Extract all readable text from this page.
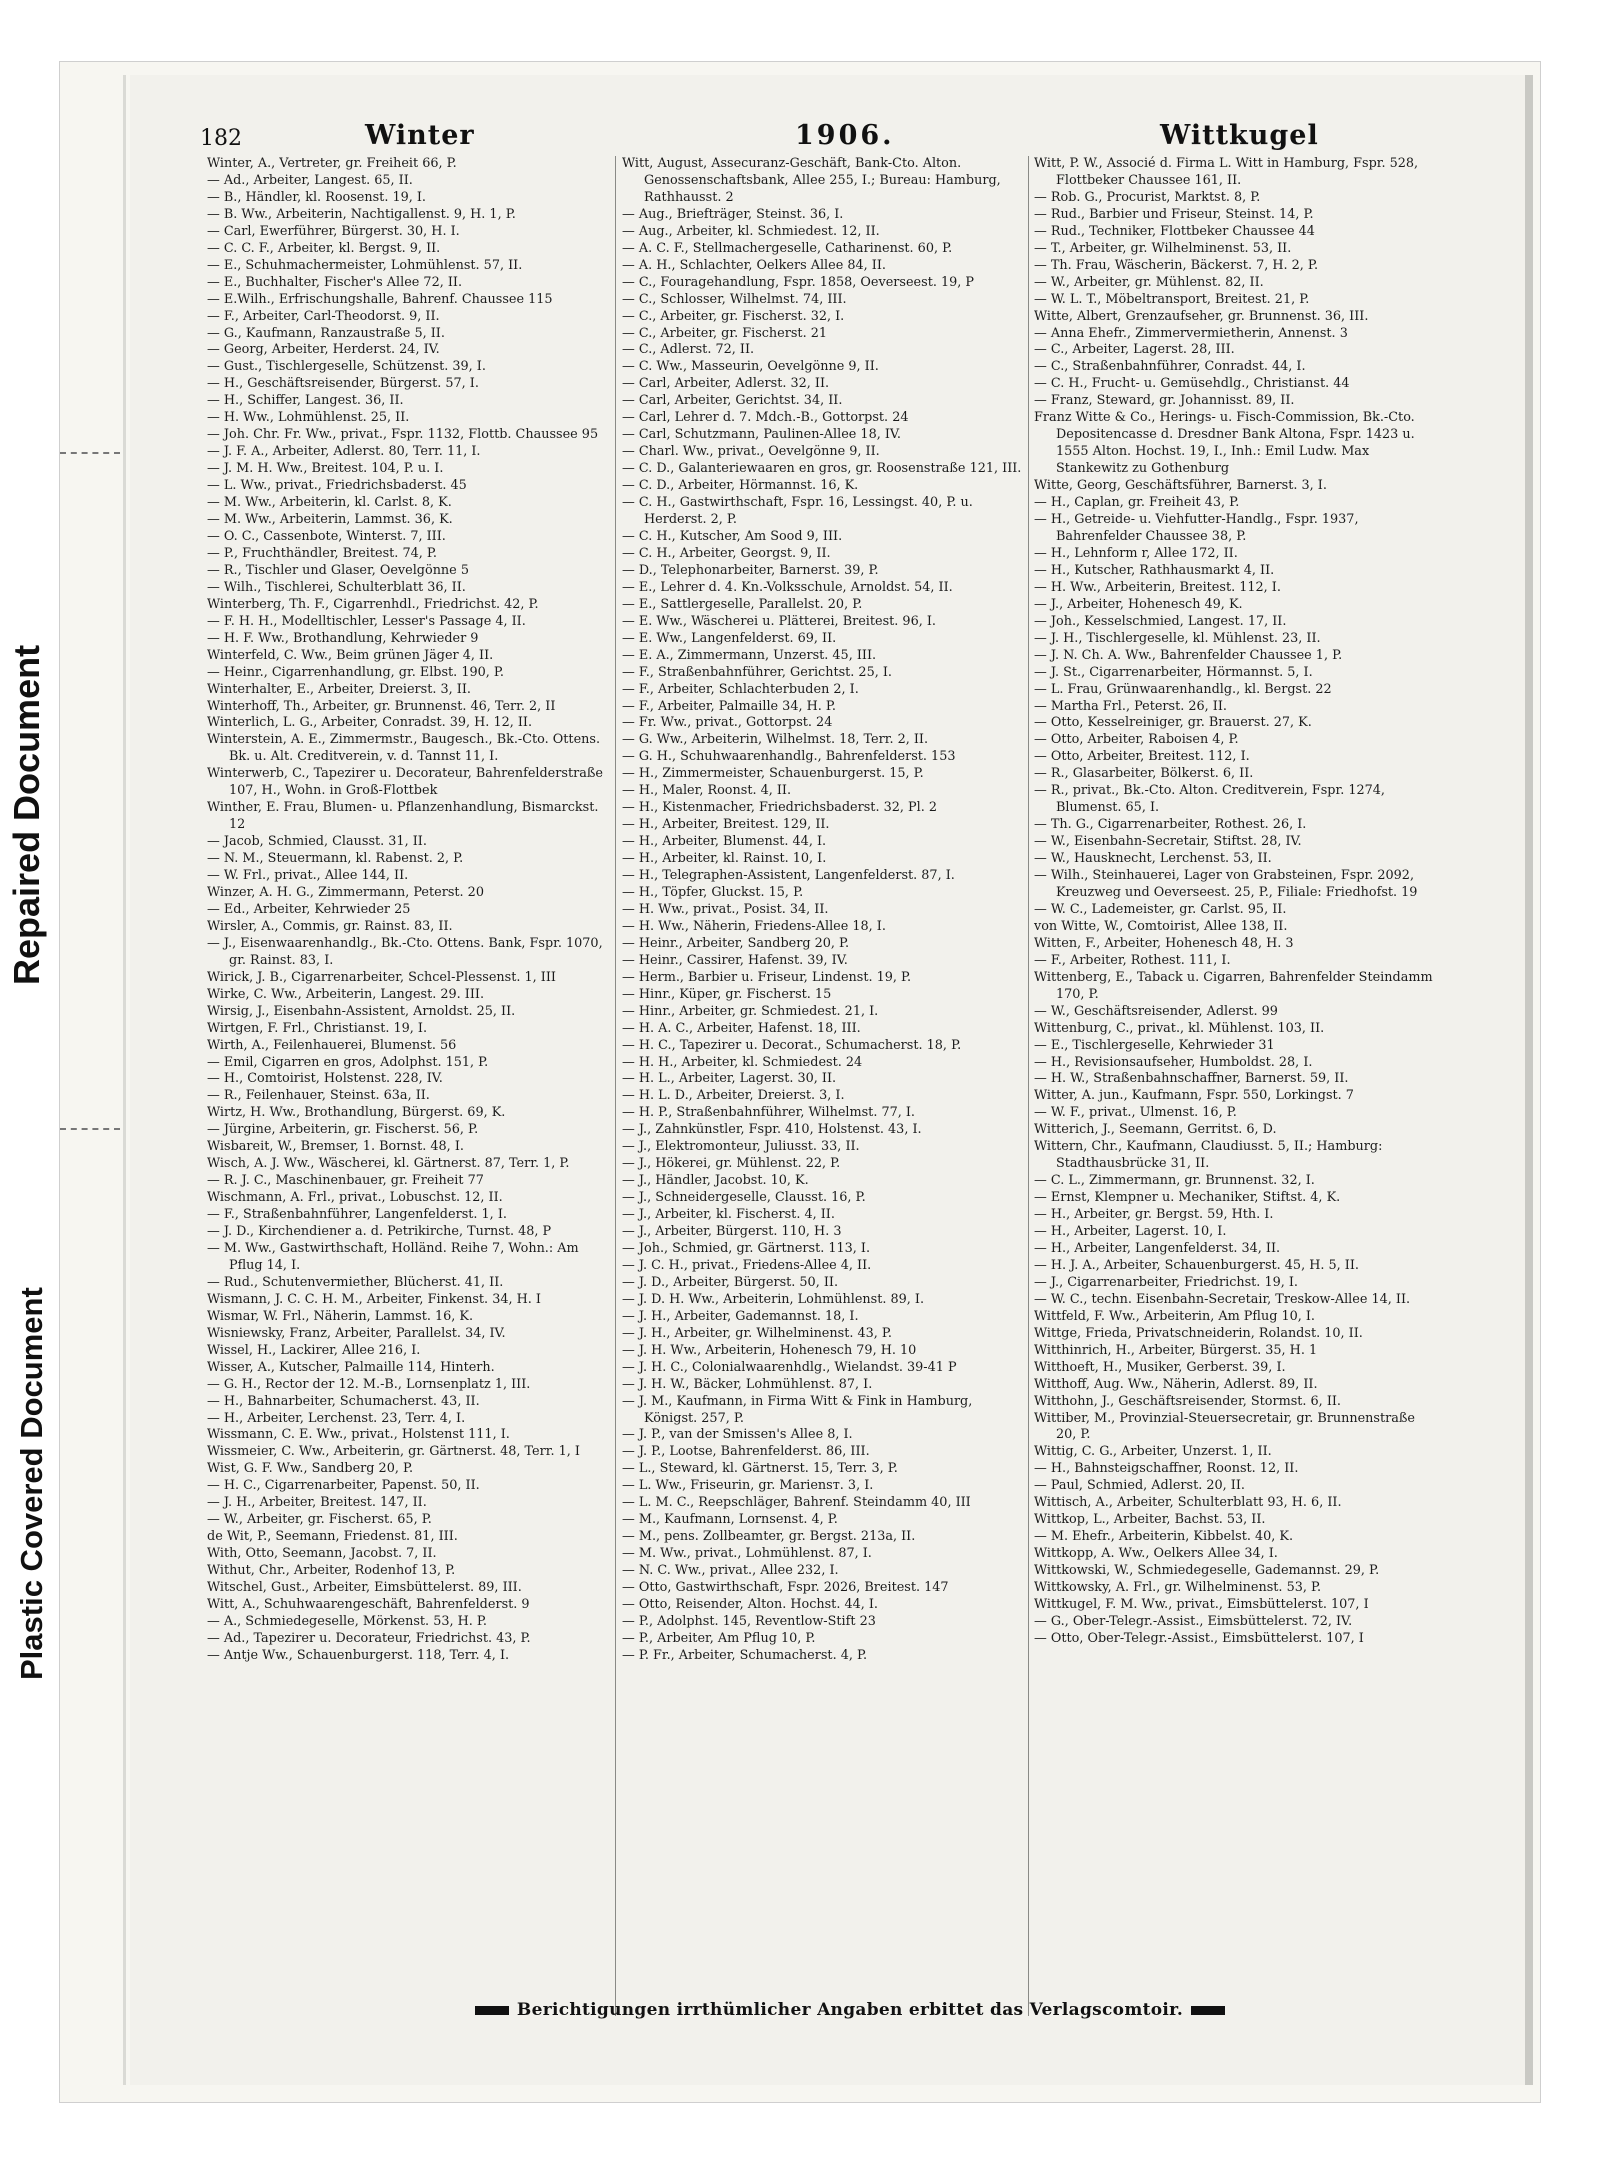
Repaired Document
Plastic Covered Document
182	Winter	1906.	Wittkugel
Winter, A., Vertreter, gr. Freiheit 66, P.
— Ad., Arbeiter, Langest. 65, II.
— B., Händler, kl. Roosenst. 19, I.
— B. Ww., Arbeiterin, Nachtigallenst. 9, H. 1, P.
— Carl, Ewerführer, Bürgerst. 30, H. I.
— C. C. F., Arbeiter, kl. Bergst. 9, II.
— E., Schuhmachermeister, Lohmühlenst. 57, II.
— E., Buchhalter, Fischer's Allee 72, II.
— E.Wilh., Erfrischungshalle, Bahrenf. Chaussee 115
— F., Arbeiter, Carl-Theodorst. 9, II.
— G., Kaufmann, Ranzaustraße 5, II.
— Georg, Arbeiter, Herderst. 24, IV.
— Gust., Tischlergeselle, Schützenst. 39, I.
— H., Geschäftsreisender, Bürgerst. 57, I.
— H., Schiffer, Langest. 36, II.
— H. Ww., Lohmühlenst. 25, II.
— Joh. Chr. Fr. Ww., privat., Fspr. 1132, Flottb. Chaussee 95
— J. F. A., Arbeiter, Adlerst. 80, Terr. 11, I.
— J. M. H. Ww., Breitest. 104, P. u. I.
— L. Ww., privat., Friedrichsbaderst. 45
— M. Ww., Arbeiterin, kl. Carlst. 8, K.
— M. Ww., Arbeiterin, Lammst. 36, K.
— O. C., Cassenbote, Winterst. 7, III.
— P., Fruchthändler, Breitest. 74, P.
— R., Tischler und Glaser, Oevelgönne 5
— Wilh., Tischlerei, Schulterblatt 36, II.
Winterberg, Th. F., Cigarrenhdl., Friedrichst. 42, P.
— F. H. H., Modelltischler, Lesser's Passage 4, II.
— H. F. Ww., Brothandlung, Kehrwieder 9
Winterfeld, C. Ww., Beim grünen Jäger 4, II.
— Heinr., Cigarrenhandlung, gr. Elbst. 190, P.
Winterhalter, E., Arbeiter, Dreierst. 3, II.
Winterhoff, Th., Arbeiter, gr. Brunnenst. 46, Terr. 2, II
Winterlich, L. G., Arbeiter, Conradst. 39, H. 12, II.
Winterstein, A. E., Zimmermstr., Baugesch., Bk.-Cto. Ottens. Bk. u. Alt. Creditverein, v. d. Tannst 11, I.
Winterwerb, C., Tapezirer u. Decorateur, Bahrenfelderstraße 107, H., Wohn. in Groß-Flottbek
Winther, E. Frau, Blumen- u. Pflanzenhandlung, Bismarckst. 12
— Jacob, Schmied, Clausst. 31, II.
— N. M., Steuermann, kl. Rabenst. 2, P.
— W. Frl., privat., Allee 144, II.
Winzer, A. H. G., Zimmermann, Peterst. 20
— Ed., Arbeiter, Kehrwieder 25
Wirsler, A., Commis, gr. Rainst. 83, II.
— J., Eisenwaarenhandlg., Bk.-Cto. Ottens. Bank, Fspr. 1070, gr. Rainst. 83, I.
Wirick, J. B., Cigarrenarbeiter, Schcel-Plessenst. 1, III
Wirke, C. Ww., Arbeiterin, Langest. 29. III.
Wirsig, J., Eisenbahn-Assistent, Arnoldst. 25, II.
Wirtgen, F. Frl., Christianst. 19, I.
Wirth, A., Feilenhauerei, Blumenst. 56
— Emil, Cigarren en gros, Adolphst. 151, P.
— H., Comtoirist, Holstenst. 228, IV.
— R., Feilenhauer, Steinst. 63a, II.
Wirtz, H. Ww., Brothandlung, Bürgerst. 69, K.
— Jürgine, Arbeiterin, gr. Fischerst. 56, P.
Wisbareit, W., Bremser, 1. Bornst. 48, I.
Wisch, A. J. Ww., Wäscherei, kl. Gärtnerst. 87, Terr. 1, P.
— R. J. C., Maschinenbauer, gr. Freiheit 77
Wischmann, A. Frl., privat., Lobuschst. 12, II.
— F., Straßenbahnführer, Langenfelderst. 1, I.
— J. D., Kirchendiener a. d. Petrikirche, Turnst. 48, P
— M. Ww., Gastwirthschaft, Holländ. Reihe 7, Wohn.: Am Pflug 14, I.
— Rud., Schutenvermiether, Blücherst. 41, II.
Wismann, J. C. C. H. M., Arbeiter, Finkenst. 34, H. I
Wismar, W. Frl., Näherin, Lammst. 16, K.
Wisniewsky, Franz, Arbeiter, Parallelst. 34, IV.
Wissel, H., Lackirer, Allee 216, I.
Wisser, A., Kutscher, Palmaille 114, Hinterh.
— G. H., Rector der 12. M.-B., Lornsenplatz 1, III.
— H., Bahnarbeiter, Schumacherst. 43, II.
— H., Arbeiter, Lerchenst. 23, Terr. 4, I.
Wissmann, C. E. Ww., privat., Holstenst 111, I.
Wissmeier, C. Ww., Arbeiterin, gr. Gärtnerst. 48, Terr. 1, I
Wist, G. F. Ww., Sandberg 20, P.
— H. C., Cigarrenarbeiter, Papenst. 50, II.
— J. H., Arbeiter, Breitest. 147, II.
— W., Arbeiter, gr. Fischerst. 65, P.
de Wit, P., Seemann, Friedenst. 81, III.
With, Otto, Seemann, Jacobst. 7, II.
Withut, Chr., Arbeiter, Rodenhof 13, P.
Witschel, Gust., Arbeiter, Eimsbüttelerst. 89, III.
Witt, A., Schuhwaarengeschäft, Bahrenfelderst. 9
— A., Schmiedegeselle, Mörkenst. 53, H. P.
— Ad., Tapezirer u. Decorateur, Friedrichst. 43, P.
— Antje Ww., Schauenburgerst. 118, Terr. 4, I.
Witt, August, Assecuranz-Geschäft, Bank-Cto. Alton. Genossenschaftsbank, Allee 255, I.; Bureau: Hamburg, Rathhausst. 2
— Aug., Briefträger, Steinst. 36, I.
— Aug., Arbeiter, kl. Schmiedest. 12, II.
— A. C. F., Stellmachergeselle, Catharinenst. 60, P.
— A. H., Schlachter, Oelkers Allee 84, II.
— C., Fouragehandlung, Fspr. 1858, Oeverseest. 19, P
— C., Schlosser, Wilhelmst. 74, III.
— C., Arbeiter, gr. Fischerst. 32, I.
— C., Arbeiter, gr. Fischerst. 21
— C., Adlerst. 72, II.
— C. Ww., Masseurin, Oevelgönne 9, II.
— Carl, Arbeiter, Adlerst. 32, II.
— Carl, Arbeiter, Gerichtst. 34, II.
— Carl, Lehrer d. 7. Mdch.-B., Gottorpst. 24
— Carl, Schutzmann, Paulinen-Allee 18, IV.
— Charl. Ww., privat., Oevelgönne 9, II.
— C. D., Galanteriewaaren en gros, gr. Roosenstraße 121, III.
— C. D., Arbeiter, Hörmannst. 16, K.
— C. H., Gastwirthschaft, Fspr. 16, Lessingst. 40, P. u. Herderst. 2, P.
— C. H., Kutscher, Am Sood 9, III.
— C. H., Arbeiter, Georgst. 9, II.
— D., Telephonarbeiter, Barnerst. 39, P.
— E., Lehrer d. 4. Kn.-Volksschule, Arnoldst. 54, II.
— E., Sattlergeselle, Parallelst. 20, P.
— E. Ww., Wäscherei u. Plätterei, Breitest. 96, I.
— E. Ww., Langenfelderst. 69, II.
— E. A., Zimmermann, Unzerst. 45, III.
— F., Straßenbahnführer, Gerichtst. 25, I.
— F., Arbeiter, Schlachterbuden 2, I.
— F., Arbeiter, Palmaille 34, H. P.
— Fr. Ww., privat., Gottorpst. 24
— G. Ww., Arbeiterin, Wilhelmst. 18, Terr. 2, II.
— G. H., Schuhwaarenhandlg., Bahrenfelderst. 153
— H., Zimmermeister, Schauenburgerst. 15, P.
— H., Maler, Roonst. 4, II.
— H., Kistenmacher, Friedrichsbaderst. 32, Pl. 2
— H., Arbeiter, Breitest. 129, II.
— H., Arbeiter, Blumenst. 44, I.
— H., Arbeiter, kl. Rainst. 10, I.
— H., Telegraphen-Assistent, Langenfelderst. 87, I.
— H., Töpfer, Gluckst. 15, P.
— H. Ww., privat., Posist. 34, II.
— H. Ww., Näherin, Friedens-Allee 18, I.
— Heinr., Arbeiter, Sandberg 20, P.
— Heinr., Cassirer, Hafenst. 39, IV.
— Herm., Barbier u. Friseur, Lindenst. 19, P.
— Hinr., Küper, gr. Fischerst. 15
— Hinr., Arbeiter, gr. Schmiedest. 21, I.
— H. A. C., Arbeiter, Hafenst. 18, III.
— H. C., Tapezirer u. Decorat., Schumacherst. 18, P.
— H. H., Arbeiter, kl. Schmiedest. 24
— H. L., Arbeiter, Lagerst. 30, II.
— H. L. D., Arbeiter, Dreierst. 3, I.
— H. P., Straßenbahnführer, Wilhelmst. 77, I.
— J., Zahnkünstler, Fspr. 410, Holstenst. 43, I.
— J., Elektromonteur, Juliusst. 33, II.
— J., Hökerei, gr. Mühlenst. 22, P.
— J., Händler, Jacobst. 10, K.
— J., Schneidergeselle, Clausst. 16, P.
— J., Arbeiter, kl. Fischerst. 4, II.
— J., Arbeiter, Bürgerst. 110, H. 3
— Joh., Schmied, gr. Gärtnerst. 113, I.
— J. C. H., privat., Friedens-Allee 4, II.
— J. D., Arbeiter, Bürgerst. 50, II.
— J. D. H. Ww., Arbeiterin, Lohmühlenst. 89, I.
— J. H., Arbeiter, Gademannst. 18, I.
— J. H., Arbeiter, gr. Wilhelminenst. 43, P.
— J. H. Ww., Arbeiterin, Hohenesch 79, H. 10
— J. H. C., Colonialwaarenhdlg., Wielandst. 39-41 P
— J. H. W., Bäcker, Lohmühlenst. 87, I.
— J. M., Kaufmann, in Firma Witt & Fink in Hamburg, Königst. 257, P.
— J. P., van der Smissen's Allee 8, I.
— J. P., Lootse, Bahrenfelderst. 86, III.
— L., Steward, kl. Gärtnerst. 15, Terr. 3, P.
— L. Ww., Friseurin, gr. Mariensт. 3, I.
— L. M. C., Reepschläger, Bahrenf. Steindamm 40, III
— M., Kaufmann, Lornsenst. 4, P.
— M., pens. Zollbeamter, gr. Bergst. 213a, II.
— M. Ww., privat., Lohmühlenst. 87, I.
— N. C. Ww., privat., Allee 232, I.
— Otto, Gastwirthschaft, Fspr. 2026, Breitest. 147
— Otto, Reisender, Alton. Hochst. 44, I.
— P., Adolphst. 145, Reventlow-Stift 23
— P., Arbeiter, Am Pflug 10, P.
— P. Fr., Arbeiter, Schumacherst. 4, P.
Witt, P. W., Associé d. Firma L. Witt in Hamburg, Fspr. 528, Flottbeker Chaussee 161, II.
— Rob. G., Procurist, Marktst. 8, P.
— Rud., Barbier und Friseur, Steinst. 14, P.
— Rud., Techniker, Flottbeker Chaussee 44
— T., Arbeiter, gr. Wilhelminenst. 53, II.
— Th. Frau, Wäscherin, Bäckerst. 7, H. 2, P.
— W., Arbeiter, gr. Mühlenst. 82, II.
— W. L. T., Möbeltransport, Breitest. 21, P.
Witte, Albert, Grenzaufseher, gr. Brunnenst. 36, III.
— Anna Ehefr., Zimmervermietherin, Annenst. 3
— C., Arbeiter, Lagerst. 28, III.
— C., Straßenbahnführer, Conradst. 44, I.
— C. H., Frucht- u. Gemüsehdlg., Christianst. 44
— Franz, Steward, gr. Johannisst. 89, II.
Franz Witte & Co., Herings- u. Fisch-Commission, Bk.-Cto. Depositencasse d. Dresdner Bank Altona, Fspr. 1423 u. 1555 Alton. Hochst. 19, I., Inh.: Emil Ludw. Max Stankewitz zu Gothenburg
Witte, Georg, Geschäftsführer, Barnerst. 3, I.
— H., Caplan, gr. Freiheit 43, P.
— H., Getreide- u. Viehfutter-Handlg., Fspr. 1937, Bahrenfelder Chaussee 38, P.
— H., Lehnform r, Allee 172, II.
— H., Kutscher, Rathhausmarkt 4, II.
— H. Ww., Arbeiterin, Breitest. 112, I.
— J., Arbeiter, Hohenesch 49, K.
— Joh., Kesselschmied, Langest. 17, II.
— J. H., Tischlergeselle, kl. Mühlenst. 23, II.
— J. N. Ch. A. Ww., Bahrenfelder Chaussee 1, P.
— J. St., Cigarrenarbeiter, Hörmannst. 5, I.
— L. Frau, Grünwaarenhandlg., kl. Bergst. 22
— Martha Frl., Peterst. 26, II.
— Otto, Kesselreiniger, gr. Brauerst. 27, K.
— Otto, Arbeiter, Raboisen 4, P.
— Otto, Arbeiter, Breitest. 112, I.
— R., Glasarbeiter, Bölkerst. 6, II.
— R., privat., Bk.-Cto. Alton. Creditverein, Fspr. 1274, Blumenst. 65, I.
— Th. G., Cigarrenarbeiter, Rothest. 26, I.
— W., Eisenbahn-Secretair, Stiftst. 28, IV.
— W., Hausknecht, Lerchenst. 53, II.
— Wilh., Steinhauerei, Lager von Grabsteinen, Fspr. 2092, Kreuzweg und Oeverseest. 25, P., Filiale: Friedhofst. 19
— W. C., Lademeister, gr. Carlst. 95, II.
von Witte, W., Comtoirist, Allee 138, II.
Witten, F., Arbeiter, Hohenesch 48, H. 3
— F., Arbeiter, Rothest. 111, I.
Wittenberg, E., Taback u. Cigarren, Bahrenfelder Steindamm 170, P.
— W., Geschäftsreisender, Adlerst. 99
Wittenburg, C., privat., kl. Mühlenst. 103, II.
— E., Tischlergeselle, Kehrwieder 31
— H., Revisionsaufseher, Humboldst. 28, I.
— H. W., Straßenbahnschaffner, Barnerst. 59, II.
Witter, A. jun., Kaufmann, Fspr. 550, Lorkingst. 7
— W. F., privat., Ulmenst. 16, P.
Witterich, J., Seemann, Gerritst. 6, D.
Wittern, Chr., Kaufmann, Claudiusst. 5, II.; Hamburg: Stadthausbrücke 31, II.
— C. L., Zimmermann, gr. Brunnenst. 32, I.
— Ernst, Klempner u. Mechaniker, Stiftst. 4, K.
— H., Arbeiter, gr. Bergst. 59, Hth. I.
— H., Arbeiter, Lagerst. 10, I.
— H., Arbeiter, Langenfelderst. 34, II.
— H. J. A., Arbeiter, Schauenburgerst. 45, H. 5, II.
— J., Cigarrenarbeiter, Friedrichst. 19, I.
— W. C., techn. Eisenbahn-Secretair, Treskow-Allee 14, II.
Wittfeld, F. Ww., Arbeiterin, Am Pflug 10, I.
Wittge, Frieda, Privatschneiderin, Rolandst. 10, II.
Witthinrich, H., Arbeiter, Bürgerst. 35, H. 1
Witthoeft, H., Musiker, Gerberst. 39, I.
Witthoff, Aug. Ww., Näherin, Adlerst. 89, II.
Witthohn, J., Geschäftsreisender, Stormst. 6, II.
Wittiber, M., Provinzial-Steuersecretair, gr. Brunnenstraße 20, P.
Wittig, C. G., Arbeiter, Unzerst. 1, II.
— H., Bahnsteigschaffner, Roonst. 12, II.
— Paul, Schmied, Adlerst. 20, II.
Wittisch, A., Arbeiter, Schulterblatt 93, H. 6, II.
Wittkop, L., Arbeiter, Bachst. 53, II.
— M. Ehefr., Arbeiterin, Kibbelst. 40, K.
Wittkopp, A. Ww., Oelkers Allee 34, I.
Wittkowski, W., Schmiedegeselle, Gademannst. 29, P.
Wittkowsky, A. Frl., gr. Wilhelminenst. 53, P.
Wittkugel, F. M. Ww., privat., Eimsbüttelerst. 107, I
— G., Ober-Telegr.-Assist., Eimsbüttelerst. 72, IV.
— Otto, Ober-Telegr.-Assist., Eimsbüttelerst. 107, I
Berichtigungen irrthümlicher Angaben erbittet das Verlagscomtoir.
